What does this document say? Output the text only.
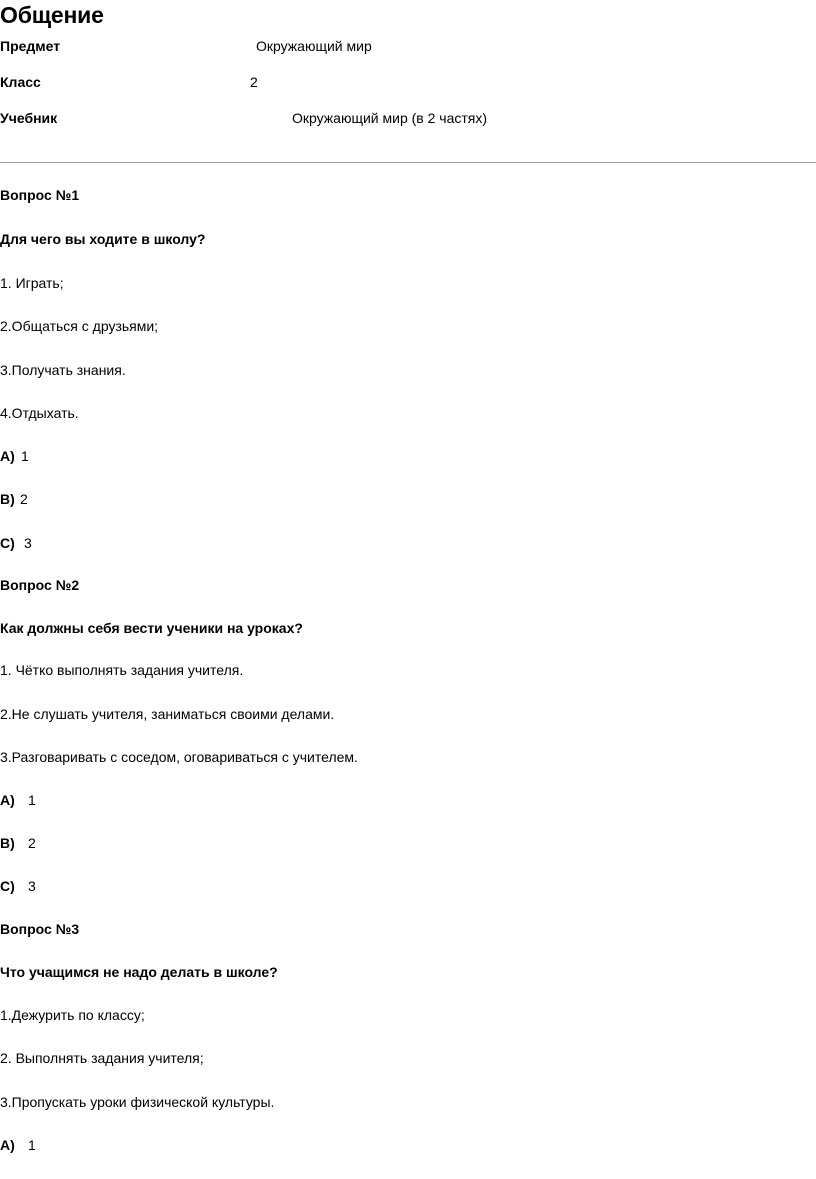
Общение
Предмет	Окружающий мир
Класс	2
Учебник	Окружающий мир (в 2 частях)
Вопрос №1
Для чего вы ходите в школу?
1. Играть;
2.Общаться с друзьями;
3.Получать знания.
4.Отдыхать.
A) 1
B) 2
C) 3
Вопрос №2
Как должны себя вести ученики на уроках?
1. Чётко выполнять задания учителя.
2.Не слушать учителя, заниматься своими делами.
3.Разговаривать с соседом, оговариваться с учителем.
A) 1
B) 2
C) 3
Вопрос №3
Что учащимся не надо делать в школе?
1.Дежурить по классу;
2. Выполнять задания учителя;
3.Пропускать уроки физической культуры.
A) 1
